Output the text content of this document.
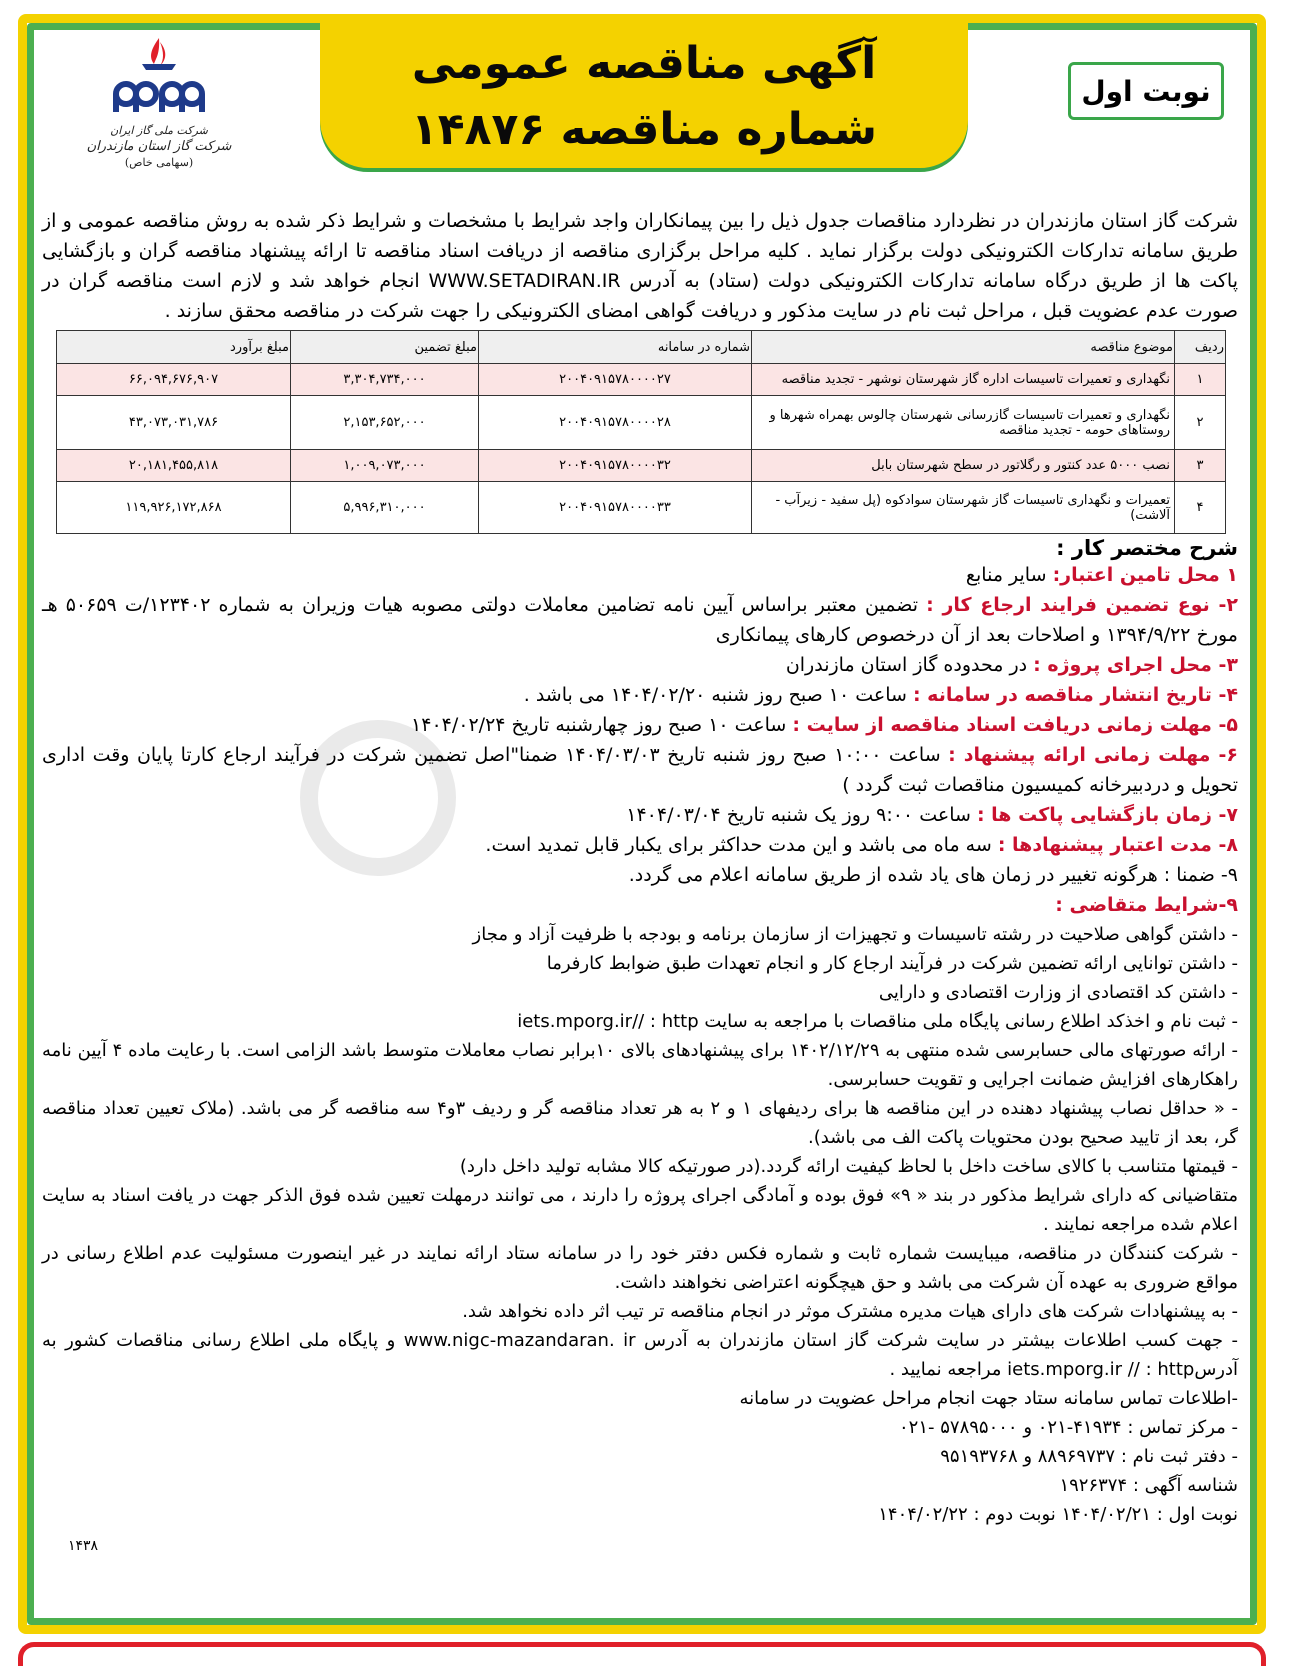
آگهی مناقصه عمومی
شماره مناقصه ۱۴۸۷۶
نوبت اول
شرکت ملی گاز ایران
شرکت گاز استان مازندران
(سهامی خاص)

شرکت گاز استان مازندران در نظردارد مناقصات جدول ذیل را بین پیمانکاران واجد شرایط با مشخصات و شرایط ذکر شده به روش مناقصه عمومی و از طریق سامانه تدارکات الکترونیکی دولت برگزار نماید . کلیه مراحل برگزاری مناقصه از دریافت اسناد مناقصه تا ارائه پیشنهاد مناقصه گران و بازگشایی پاکت ها از طریق درگاه سامانه تدارکات الکترونیکی دولت (ستاد) به آدرس WWW.SETADIRAN.IR انجام خواهد شد و لازم است مناقصه گران در صورت عدم عضویت قبل ، مراحل ثبت نام در سایت مذکور و دریافت گواهی امضای الکترونیکی را جهت شرکت در مناقصه محقق سازند .

ردیف	موضوع مناقصه	شماره در سامانه	مبلغ تضمین	مبلغ برآورد
۱	نگهداری و تعمیرات تاسیسات اداره گاز شهرستان نوشهر - تجدید مناقصه	۲۰۰۴۰۹۱۵۷۸۰۰۰۰۲۷	۳,۳۰۴,۷۳۴,۰۰۰	۶۶,۰۹۴,۶۷۶,۹۰۷
۲	نگهداری و تعمیرات تاسیسات گازرسانی شهرستان چالوس بهمراه شهرها و روستاهای حومه - تجدید مناقصه	۲۰۰۴۰۹۱۵۷۸۰۰۰۰۲۸	۲,۱۵۳,۶۵۲,۰۰۰	۴۳,۰۷۳,۰۳۱,۷۸۶
۳	نصب ۵۰۰۰ عدد کنتور و رگلاتور در سطح شهرستان بابل	۲۰۰۴۰۹۱۵۷۸۰۰۰۰۳۲	۱,۰۰۹,۰۷۳,۰۰۰	۲۰,۱۸۱,۴۵۵,۸۱۸
۴	تعمیرات و نگهداری تاسیسات گاز شهرستان سوادکوه (پل سفید - زیرآب - آلاشت)	۲۰۰۴۰۹۱۵۷۸۰۰۰۰۳۳	۵,۹۹۶,۳۱۰,۰۰۰	۱۱۹,۹۲۶,۱۷۲,۸۶۸

شرح مختصر کار :

۱ محل تامین اعتبار: سایر منابع

۲- نوع تضمین فرایند ارجاع کار : تضمین معتبر براساس آیین نامه تضامین معاملات دولتی مصوبه هیات وزیران به شماره ۱۲۳۴۰۲/ت ۵۰۶۵۹ هـ مورخ ۱۳۹۴/۹/۲۲ و اصلاحات بعد از آن درخصوص کارهای پیمانکاری

۳- محل اجرای پروژه : در محدوده گاز استان مازندران

۴- تاریخ انتشار مناقصه در سامانه : ساعت ۱۰ صبح روز شنبه ۱۴۰۴/۰۲/۲۰ می باشد .

۵- مهلت زمانی دریافت اسناد مناقصه از سایت : ساعت ۱۰ صبح روز چهارشنبه تاریخ ۱۴۰۴/۰۲/۲۴

۶- مهلت زمانی ارائه پیشنهاد : ساعت ۱۰:۰۰ صبح روز شنبه تاریخ ۱۴۰۴/۰۳/۰۳ ضمنا"اصل تضمین شرکت در فرآیند ارجاع کارتا پایان وقت اداری تحویل و دردبیرخانه کمیسیون مناقصات ثبت گردد )

۷- زمان بازگشایی پاکت ها : ساعت ۹:۰۰ روز یک شنبه تاریخ ۱۴۰۴/۰۳/۰۴

۸- مدت اعتبار پیشنهادها : سه ماه می باشد و این مدت حداکثر برای یکبار قابل تمدید است.

۹- ضمنا : هرگونه تغییر در زمان های یاد شده از طریق سامانه اعلام می گردد.

۹-شرایط متقاضی :

- داشتن گواهی صلاحیت در رشته تاسیسات و تجهیزات از سازمان برنامه و بودجه با ظرفیت آزاد و مجاز

- داشتن توانایی ارائه تضمین شرکت در فرآیند ارجاع کار و انجام تعهدات طبق ضوابط کارفرما

- داشتن کد اقتصادی از وزارت اقتصادی و دارایی

- ثبت نام و اخذکد اطلاع رسانی پایگاه ملی مناقصات با مراجعه به سایت iets.mporg.ir// : http

- ارائه صورتهای مالی حسابرسی شده منتهی به ۱۴۰۲/۱۲/۲۹ برای پیشنهادهای بالای ۱۰برابر نصاب معاملات متوسط باشد الزامی است. با رعایت ماده ۴ آیین نامه راهکارهای افزایش ضمانت اجرایی و تقویت حسابرسی.

- « حداقل نصاب پیشنهاد دهنده در این مناقصه ها برای ردیفهای ۱ و ۲ به هر تعداد مناقصه گر و ردیف ۳و۴ سه مناقصه گر می باشد. (ملاک تعیین تعداد مناقصه گر، بعد از تایید صحیح بودن محتویات پاکت الف می باشد).

- قیمتها متناسب با کالای ساخت داخل با لحاظ کیفیت ارائه گردد.(در صورتیکه کالا مشابه تولید داخل دارد)

متقاضیانی که دارای شرایط مذکور در بند « ۹» فوق بوده و آمادگی اجرای پروژه را دارند ، می توانند درمهلت تعیین شده فوق الذکر جهت در یافت اسناد به سایت اعلام شده مراجعه نمایند .

- شرکت کنندگان در مناقصه، میبایست شماره ثابت و شماره فکس دفتر خود را در سامانه ستاد ارائه نمایند در غیر اینصورت مسئولیت عدم اطلاع رسانی در مواقع ضروری به عهده آن شرکت می باشد و حق هیچگونه اعتراضی نخواهند داشت.

- به پیشنهادات شرکت های دارای هیات مدیره مشترک موثر در انجام مناقصه تر تیب اثر داده نخواهد شد.

- جهت کسب اطلاعات بیشتر در سایت شرکت گاز استان مازندران به آدرس www.nigc-mazandaran. ir و پایگاه ملی اطلاع رسانی مناقصات کشور به آدرسiets.mporg.ir // : http مراجعه نمایید .

-اطلاعات تماس سامانه ستاد جهت انجام مراحل عضویت در سامانه

- مرکز تماس : ۴۱۹۳۴-۰۲۱ و ۵۷۸۹۵۰۰۰ -۰۲۱

- دفتر ثبت نام : ۸۸۹۶۹۷۳۷ و ۹۵۱۹۳۷۶۸

شناسه آگهی : ۱۹۲۶۳۷۴

نوبت اول : ۱۴۰۴/۰۲/۲۱ نوبت دوم : ۱۴۰۴/۰۲/۲۲

۱۴۳۸
